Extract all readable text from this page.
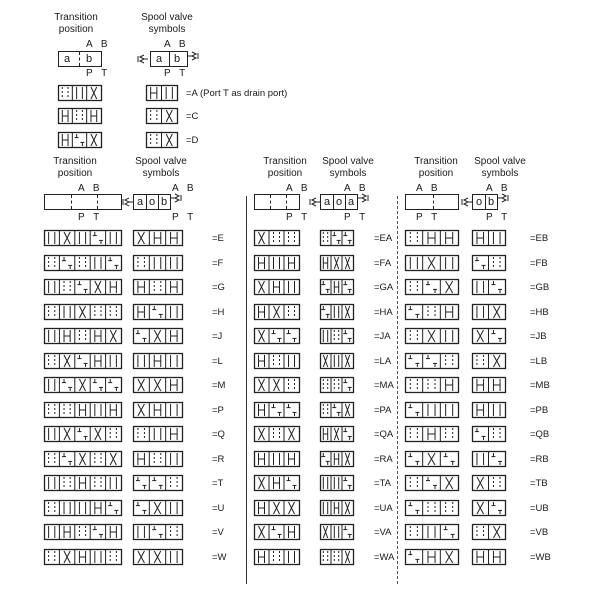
Transition position
Spool valve symbols
A B	A B
a b	a b
P T	P T
=A (Port T as drain port)
=C
=D
Transition position
Spool valve symbols
A B	A B
a o b
P T	P T
=E
=F
=G
=H
=J
=L
=M
=P
=Q
=R
=T
=U
=V
=W
Transition position
Spool valve symbols
A B	A B
a o a
P T	P T
=EA
=FA
=GA
=HA
=JA
=LA
=MA
=PA
=QA
=RA
=TA
=UA
=VA
=WA
Transition position
Spool valve symbols
A B	A B
o b
P T	P T
=EB
=FB
=GB
=HB
=JB
=LB
=MB
=PB
=QB
=RB
=TB
=UB
=VB
=WB
